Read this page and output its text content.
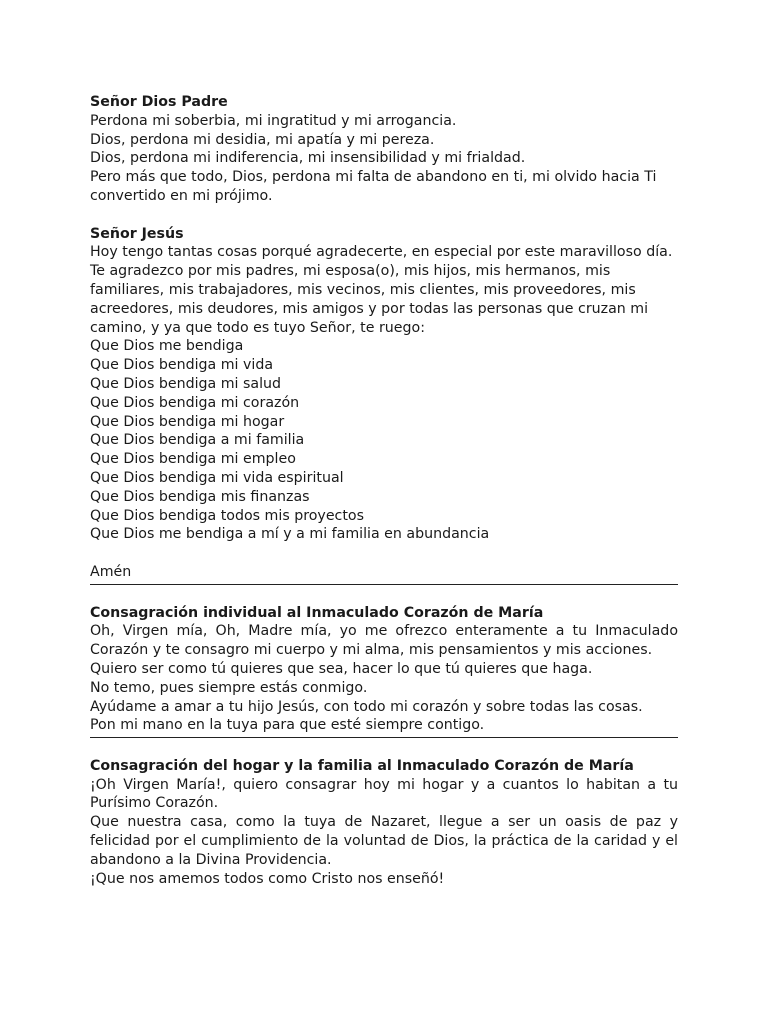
Señor Dios Padre

Perdona mi soberbia, mi ingratitud y mi arrogancia.

Dios, perdona mi desidia, mi apatía y mi pereza.

Dios, perdona mi indiferencia, mi insensibilidad y mi frialdad.

Pero más que todo, Dios, perdona mi falta de abandono en ti, mi olvido hacia Ti convertido en mi prójimo.

Señor Jesús

Hoy tengo tantas cosas porqué agradecerte, en especial por este maravilloso día. Te agradezco por mis padres, mi esposa(o), mis hijos, mis hermanos, mis familiares, mis trabajadores, mis vecinos, mis clientes, mis proveedores, mis acreedores, mis deudores, mis amigos y por todas las personas que cruzan mi camino, y ya que todo es tuyo Señor, te ruego:

Que Dios me bendiga

Que Dios bendiga mi vida

Que Dios bendiga mi salud

Que Dios bendiga mi corazón

Que Dios bendiga mi hogar

Que Dios bendiga a mi familia

Que Dios bendiga mi empleo

Que Dios bendiga mi vida espiritual

Que Dios bendiga mis finanzas

Que Dios bendiga todos mis proyectos

Que Dios me bendiga a mí y a mi familia en abundancia

Amén

Consagración individual al Inmaculado Corazón de María

Oh, Virgen mía, Oh, Madre mía, yo me ofrezco enteramente a tu Inmaculado Corazón y te consagro mi cuerpo y mi alma, mis pensamientos y mis acciones.

Quiero ser como tú quieres que sea, hacer lo que tú quieres que haga.

No temo, pues siempre estás conmigo.

Ayúdame a amar a tu hijo Jesús, con todo mi corazón y sobre todas las cosas.

Pon mi mano en la tuya para que esté siempre contigo.

Consagración del hogar y la familia al Inmaculado Corazón de María

¡Oh Virgen María!, quiero consagrar hoy mi hogar y a cuantos lo habitan a tu Purísimo Corazón.

Que nuestra casa, como la tuya de Nazaret, llegue a ser un oasis de paz y felicidad por el cumplimiento de la voluntad de Dios, la práctica de la caridad y el abandono a la Divina Providencia.

¡Que nos amemos todos como Cristo nos enseñó!
